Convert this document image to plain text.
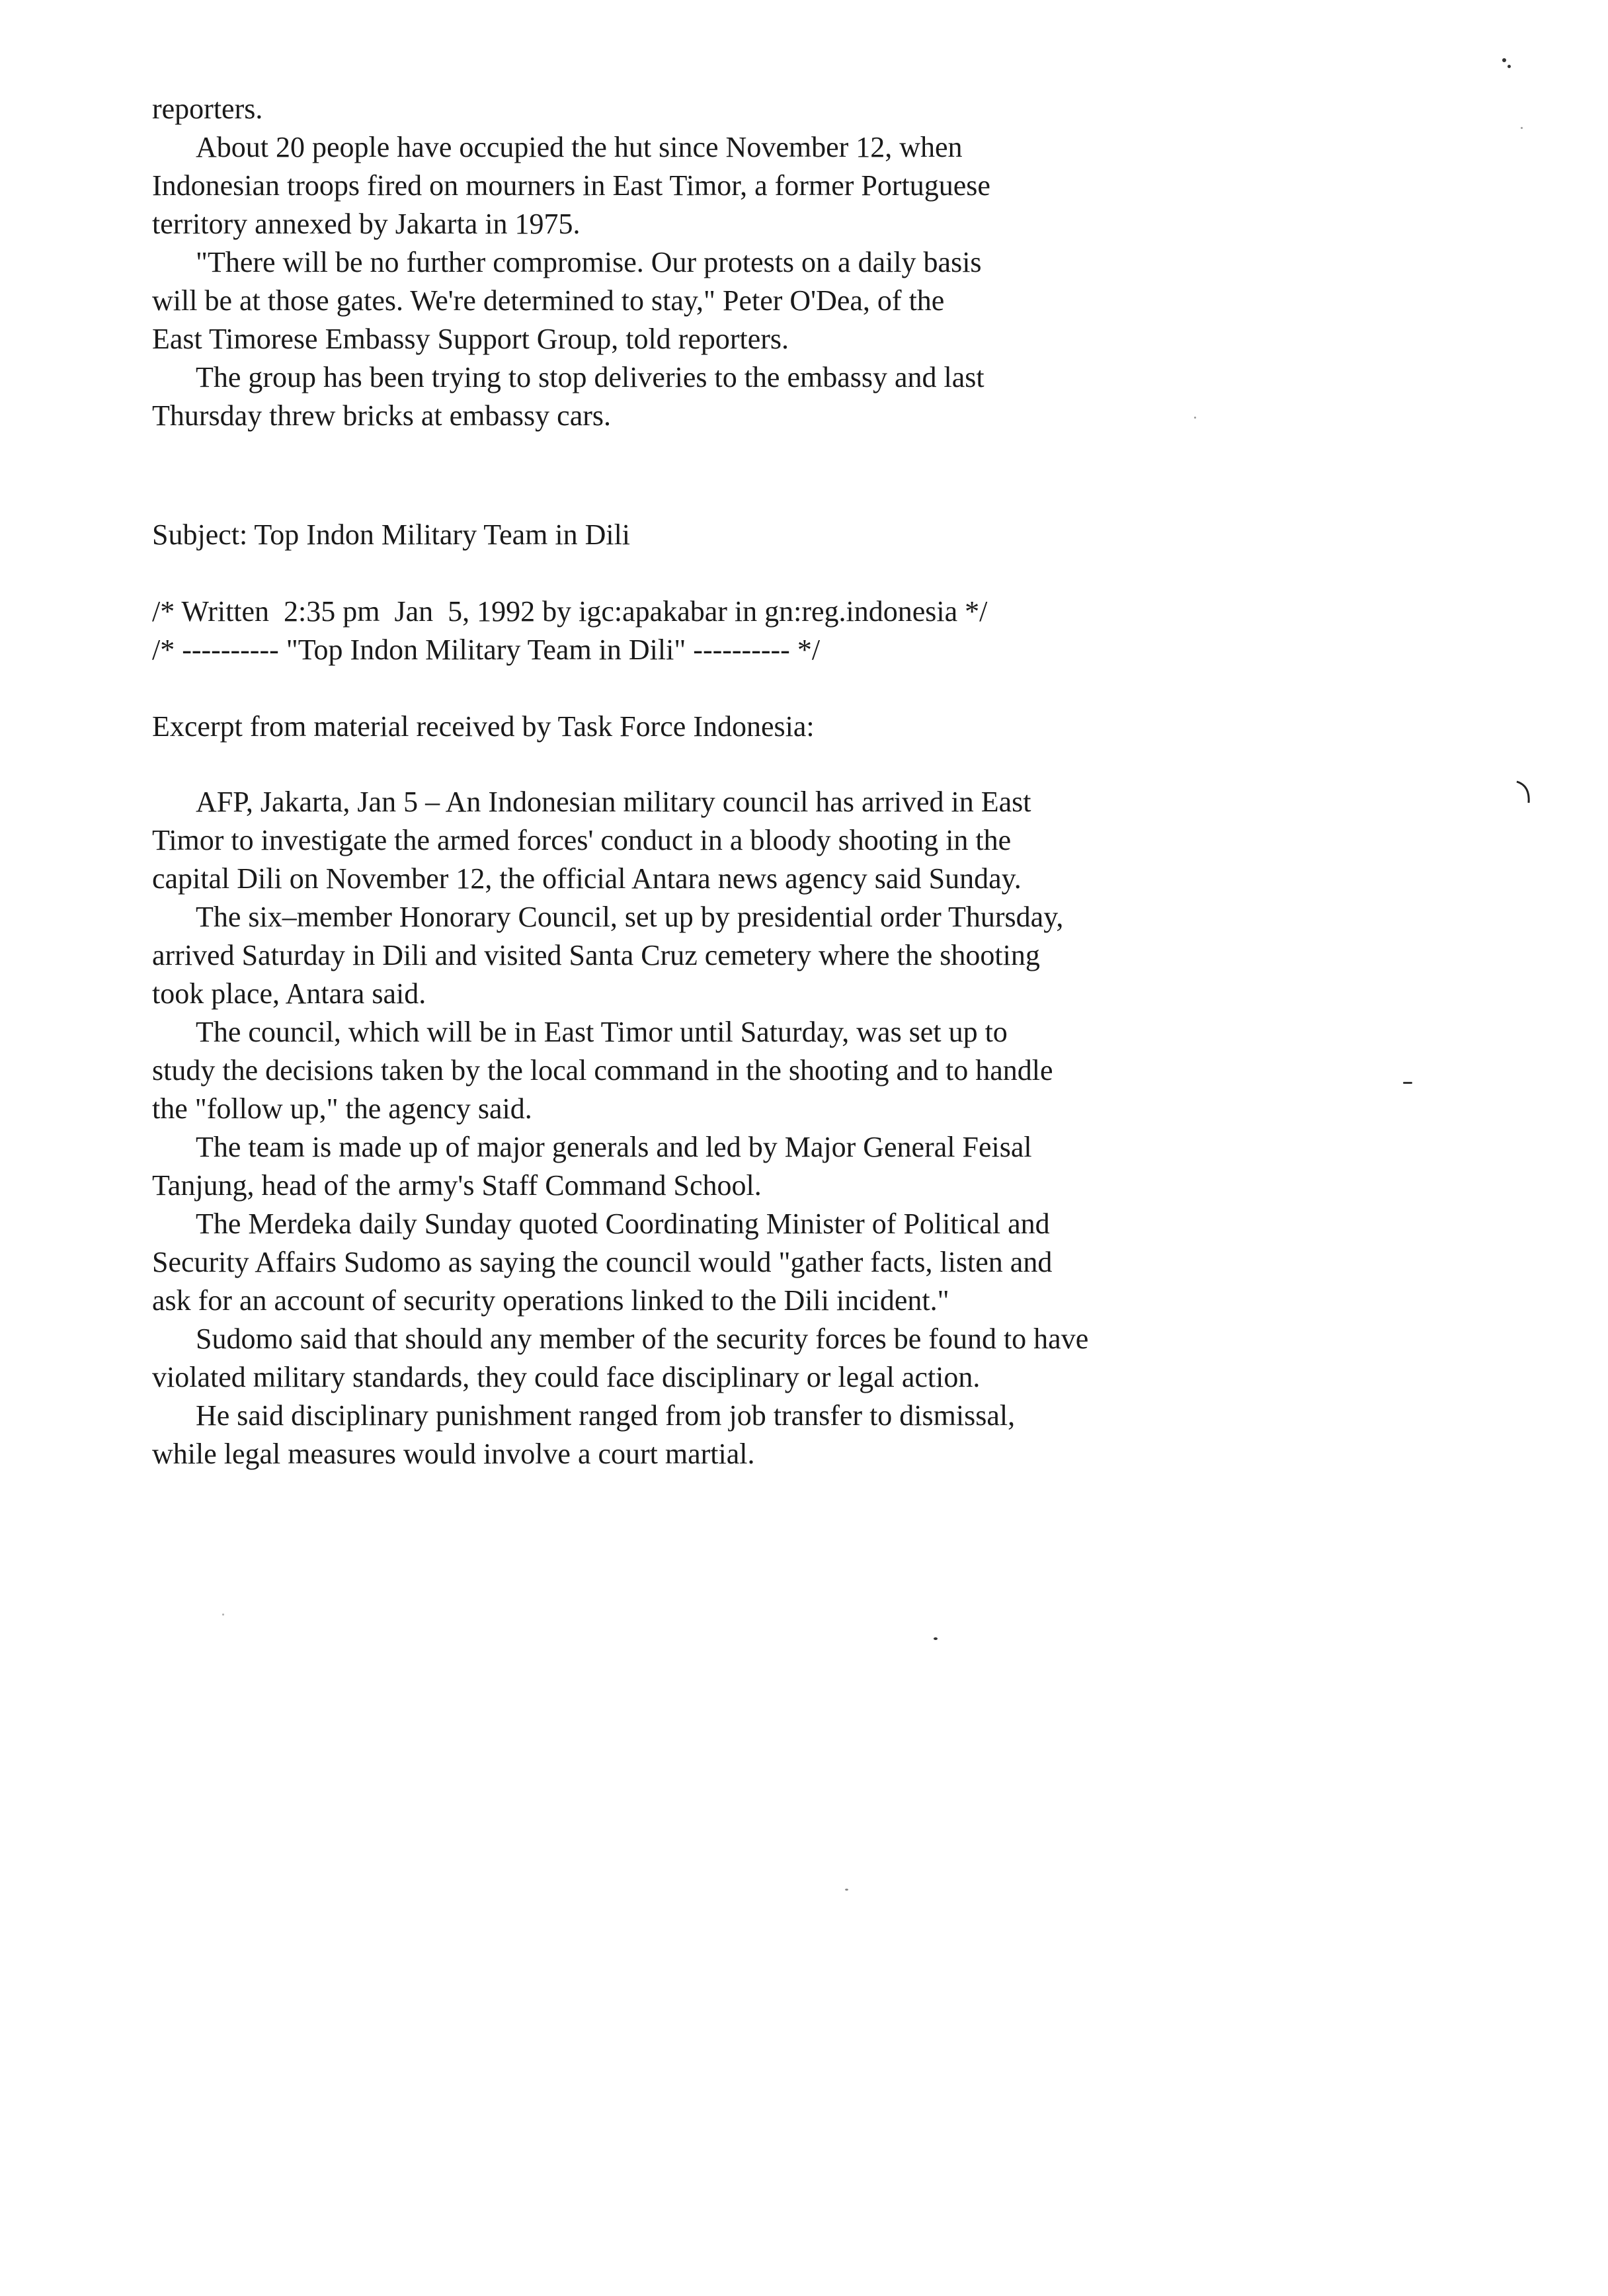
reporters.
About 20 people have occupied the hut since November 12, when
Indonesian troops fired on mourners in East Timor, a former Portuguese
territory annexed by Jakarta in 1975.
"There will be no further compromise. Our protests on a daily basis
will be at those gates. We're determined to stay," Peter O'Dea, of the
East Timorese Embassy Support Group, told reporters.
The group has been trying to stop deliveries to the embassy and last
Thursday threw bricks at embassy cars.
Subject: Top Indon Military Team in Dili
/* Written  2:35 pm  Jan  5, 1992 by igc:apakabar in gn:reg.indonesia */
/* ---------- "Top Indon Military Team in Dili" ---------- */
Excerpt from material received by Task Force Indonesia:
AFP, Jakarta, Jan 5 – An Indonesian military council has arrived in East
Timor to investigate the armed forces' conduct in a bloody shooting in the
capital Dili on November 12, the official Antara news agency said Sunday.
The six–member Honorary Council, set up by presidential order Thursday,
arrived Saturday in Dili and visited Santa Cruz cemetery where the shooting
took place, Antara said.
The council, which will be in East Timor until Saturday, was set up to
study the decisions taken by the local command in the shooting and to handle
the "follow up," the agency said.
The team is made up of major generals and led by Major General Feisal
Tanjung, head of the army's Staff Command School.
The Merdeka daily Sunday quoted Coordinating Minister of Political and
Security Affairs Sudomo as saying the council would "gather facts, listen and
ask for an account of security operations linked to the Dili incident."
Sudomo said that should any member of the security forces be found to have
violated military standards, they could face disciplinary or legal action.
He said disciplinary punishment ranged from job transfer to dismissal,
while legal measures would involve a court martial.
